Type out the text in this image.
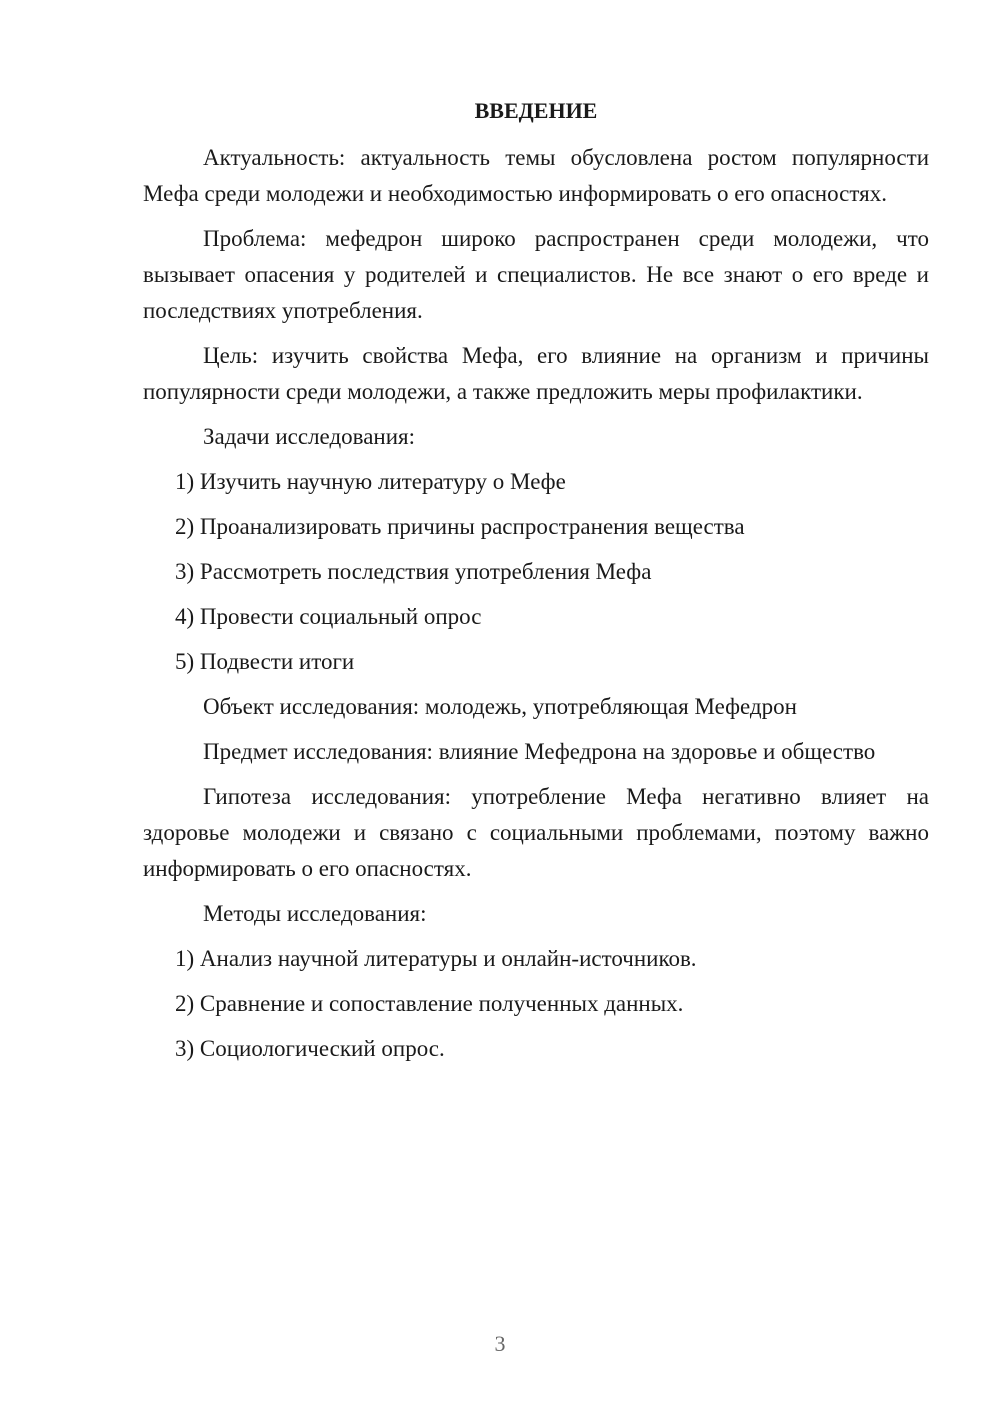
ВВЕДЕНИЕ

Актуальность: актуальность темы обусловлена ростом популярности Мефа среди молодежи и необходимостью информировать о его опасностях.

Проблема: мефедрон широко распространен среди молодежи, что вызывает опасения у родителей и специалистов. Не все знают о его вреде и последствиях употребления.

Цель: изучить свойства Мефа, его влияние на организм и причины популярности среди молодежи, а также предложить меры профилактики.

Задачи исследования:

1) Изучить научную литературу о Мефе
2) Проанализировать причины распространения вещества
3) Рассмотреть последствия употребления Мефа
4) Провести социальный опрос
5) Подвести итоги

Объект исследования: молодежь, употребляющая Мефедрон

Предмет исследования: влияние Мефедрона на здоровье и общество

Гипотеза исследования: употребление Мефа негативно влияет на здоровье молодежи и связано с социальными проблемами, поэтому важно информировать о его опасностях.

Методы исследования:

1) Анализ научной литературы и онлайн-источников.
2) Сравнение и сопоставление полученных данных.
3) Социологический опрос.
3
